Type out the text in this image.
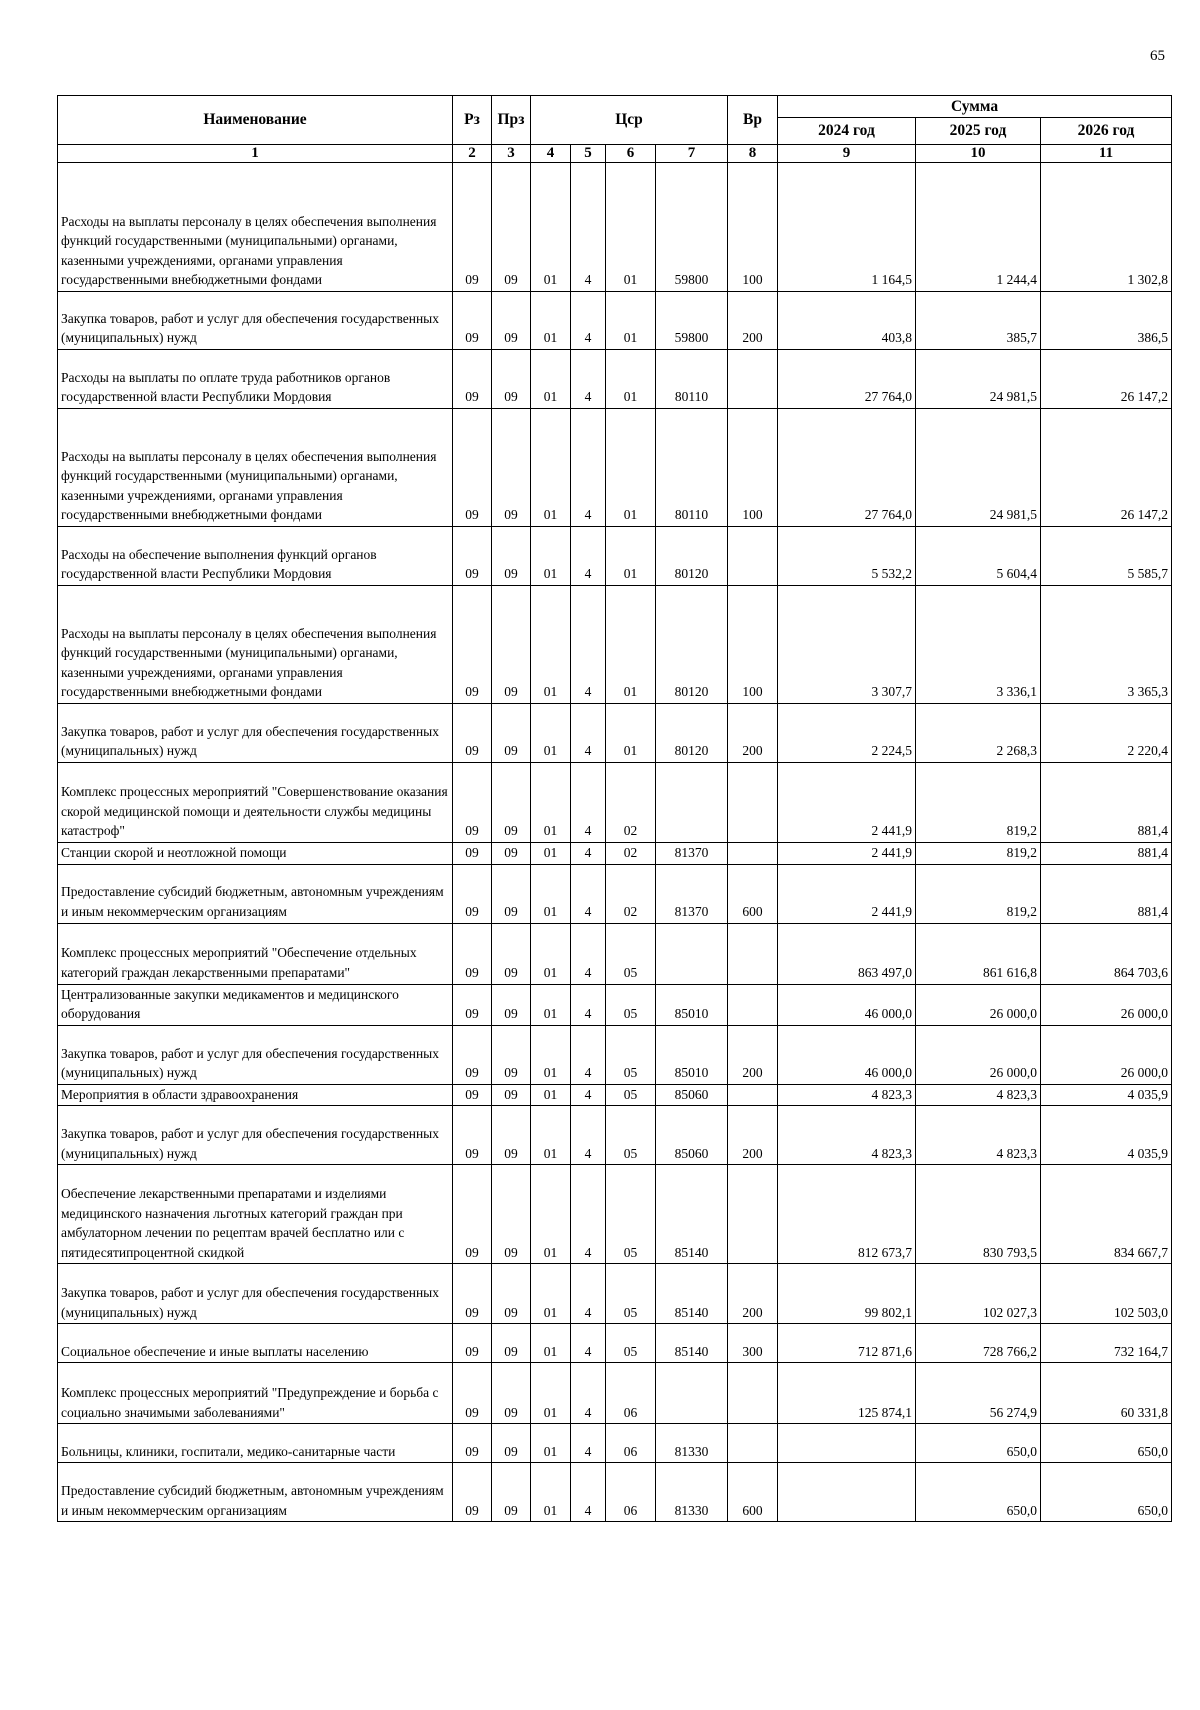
65
Наименование	Рз	Прз	Цср				Вр	Сумма		
								2024 год	2025 год	2026 год
1	2	3	4	5	6	7	8	9	10	11
Расходы на выплаты персоналу в целях обеспечения выполнения функций государственными (муниципальными) органами, казенными учреждениями, органами управления государственными внебюджетными фондами	09	09	01	4	01	59800	100	1 164,5	1 244,4	1 302,8
Закупка товаров, работ и услуг для обеспечения государственных (муниципальных) нужд	09	09	01	4	01	59800	200	403,8	385,7	386,5
Расходы на выплаты по оплате труда работников органов государственной власти Республики Мордовия	09	09	01	4	01	80110		27 764,0	24 981,5	26 147,2
Расходы на выплаты персоналу в целях обеспечения выполнения функций государственными (муниципальными) органами, казенными учреждениями, органами управления государственными внебюджетными фондами	09	09	01	4	01	80110	100	27 764,0	24 981,5	26 147,2
Расходы на обеспечение выполнения функций органов государственной власти Республики Мордовия	09	09	01	4	01	80120		5 532,2	5 604,4	5 585,7
Расходы на выплаты персоналу в целях обеспечения выполнения функций государственными (муниципальными) органами, казенными учреждениями, органами управления государственными внебюджетными фондами	09	09	01	4	01	80120	100	3 307,7	3 336,1	3 365,3
Закупка товаров, работ и услуг для обеспечения государственных (муниципальных) нужд	09	09	01	4	01	80120	200	2 224,5	2 268,3	2 220,4
Комплекс процессных мероприятий "Совершенствование оказания скорой медицинской помощи и деятельности службы медицины катастроф"	09	09	01	4	02			2 441,9	819,2	881,4
Станции скорой и неотложной помощи	09	09	01	4	02	81370		2 441,9	819,2	881,4
Предоставление субсидий бюджетным, автономным учреждениям и иным некоммерческим организациям	09	09	01	4	02	81370	600	2 441,9	819,2	881,4
Комплекс процессных мероприятий "Обеспечение отдельных категорий граждан лекарственными препаратами"	09	09	01	4	05			863 497,0	861 616,8	864 703,6
Централизованные закупки медикаментов и медицинского оборудования	09	09	01	4	05	85010		46 000,0	26 000,0	26 000,0
Закупка товаров, работ и услуг для обеспечения государственных (муниципальных) нужд	09	09	01	4	05	85010	200	46 000,0	26 000,0	26 000,0
Мероприятия в области здравоохранения	09	09	01	4	05	85060		4 823,3	4 823,3	4 035,9
Закупка товаров, работ и услуг для обеспечения государственных (муниципальных) нужд	09	09	01	4	05	85060	200	4 823,3	4 823,3	4 035,9
Обеспечение лекарственными препаратами и изделиями медицинского назначения льготных категорий граждан при амбулаторном лечении по рецептам врачей бесплатно или с пятидесятипроцентной скидкой	09	09	01	4	05	85140		812 673,7	830 793,5	834 667,7
Закупка товаров, работ и услуг для обеспечения государственных (муниципальных) нужд	09	09	01	4	05	85140	200	99 802,1	102 027,3	102 503,0
Социальное обеспечение и иные выплаты населению	09	09	01	4	05	85140	300	712 871,6	728 766,2	732 164,7
Комплекс процессных мероприятий "Предупреждение и борьба с социально значимыми заболеваниями"	09	09	01	4	06			125 874,1	56 274,9	60 331,8
Больницы, клиники, госпитали, медико-санитарные части	09	09	01	4	06	81330			650,0	650,0
Предоставление субсидий бюджетным, автономным учреждениям и иным некоммерческим организациям	09	09	01	4	06	81330	600		650,0	650,0
